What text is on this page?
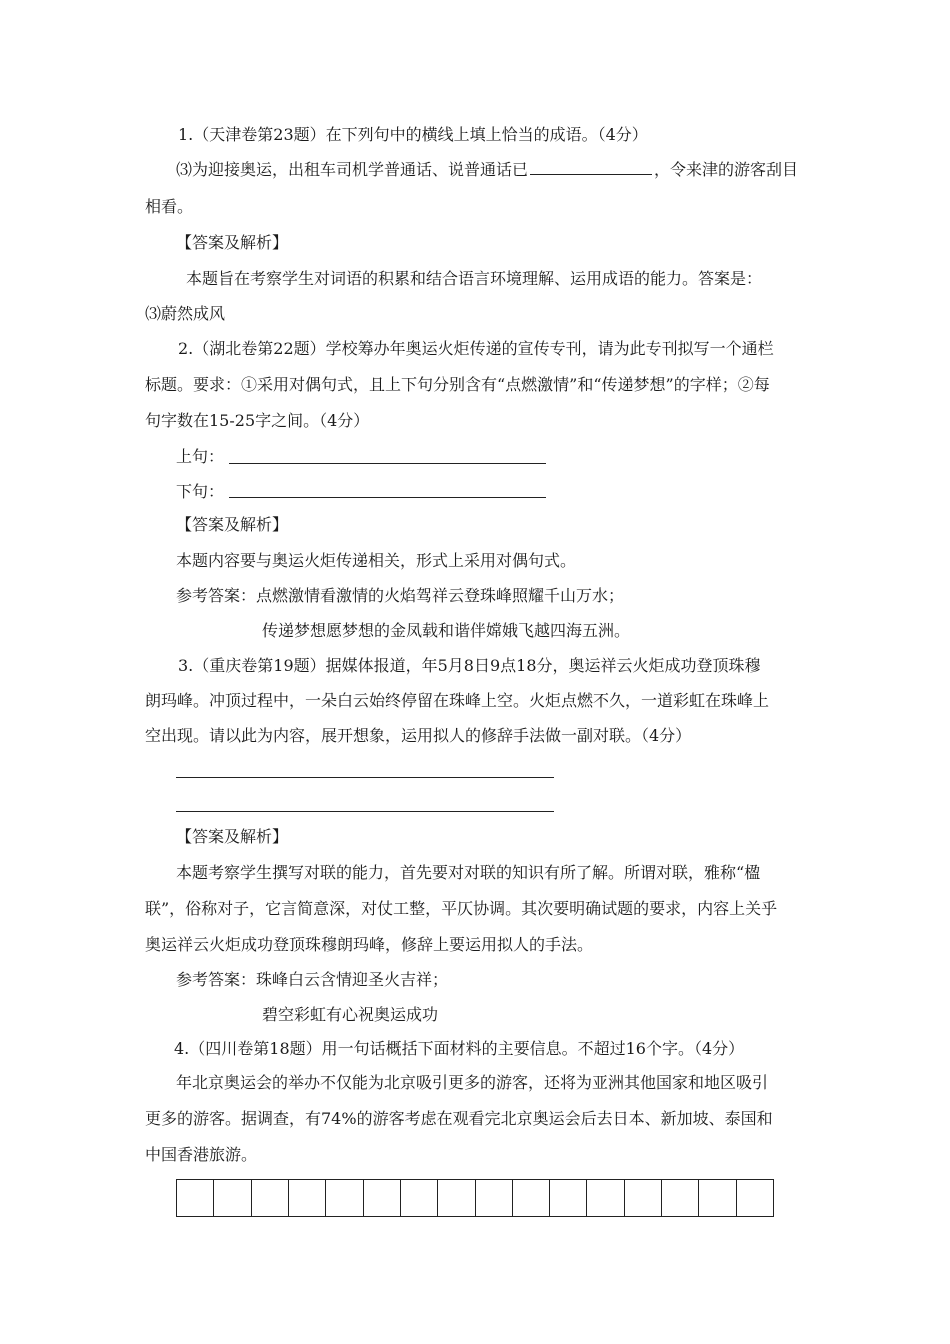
1.（天津卷第23题）在下列句中的横线上填上恰当的成语。（4分）
⑶为迎接奥运，出租车司机学普通话、说普通话已	，令来津的游客刮目
相看。
【答案及解析】
本题旨在考察学生对词语的积累和结合语言环境理解、运用成语的能力。答案是：
⑶蔚然成风
2.（湖北卷第22题）学校筹办年奥运火炬传递的宣传专刊，请为此专刊拟写一个通栏
标题。要求：①采用对偶句式，且上下句分别含有“点燃激情”和“传递梦想”的字样；②每
句字数在15-25字之间。（4分）
上句：
下句：
【答案及解析】
本题内容要与奥运火炬传递相关，形式上采用对偶句式。
参考答案：点燃激情看激情的火焰驾祥云登珠峰照耀千山万水；
传递梦想愿梦想的金凤载和谐伴嫦娥飞越四海五洲。
3.（重庆卷第19题）据媒体报道，年5月8日9点18分，奥运祥云火炬成功登顶珠穆
朗玛峰。冲顶过程中，一朵白云始终停留在珠峰上空。火炬点燃不久，一道彩虹在珠峰上
空出现。请以此为内容，展开想象，运用拟人的修辞手法做一副对联。（4分）
【答案及解析】
本题考察学生撰写对联的能力，首先要对对联的知识有所了解。所谓对联，雅称“楹
联”，俗称对子，它言简意深，对仗工整，平仄协调。其次要明确试题的要求，内容上关乎
奥运祥云火炬成功登顶珠穆朗玛峰，修辞上要运用拟人的手法。
参考答案：珠峰白云含情迎圣火吉祥；
碧空彩虹有心祝奥运成功
4.（四川卷第18题）用一句话概括下面材料的主要信息。不超过16个字。（4分）
年北京奥运会的举办不仅能为北京吸引更多的游客，还将为亚洲其他国家和地区吸引
更多的游客。据调查，有74%的游客考虑在观看完北京奥运会后去日本、新加坡、泰国和
中国香港旅游。
